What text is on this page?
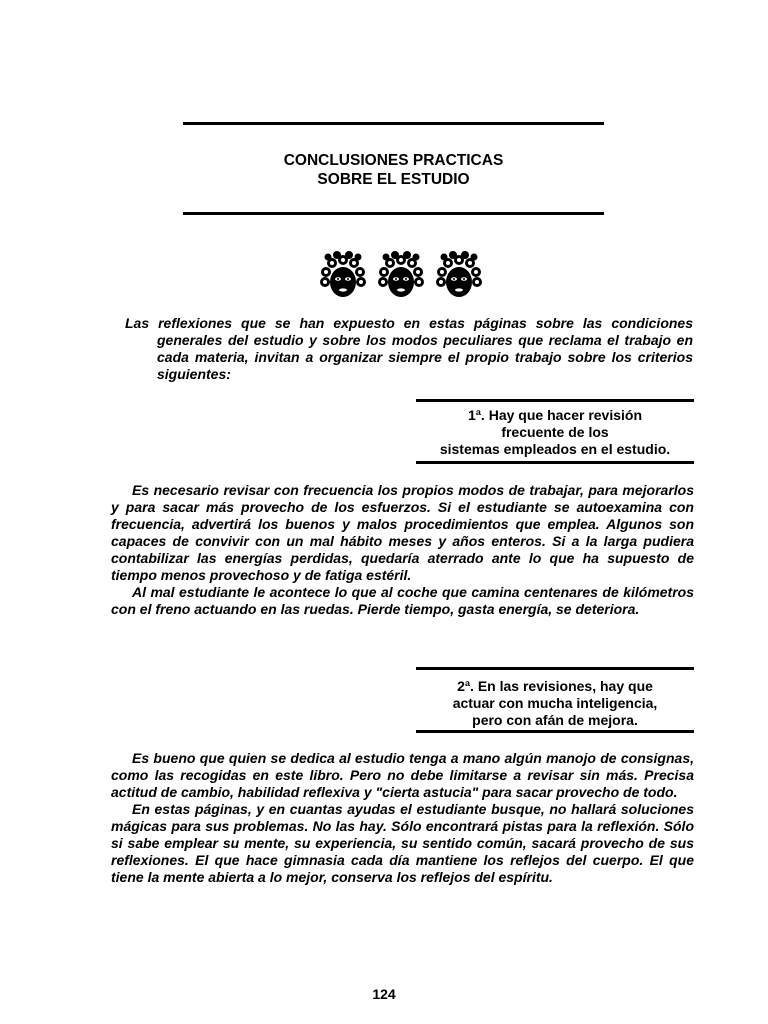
CONCLUSIONES PRACTICAS
SOBRE EL ESTUDIO
Las reflexiones que se han expuesto en estas páginas sobre las condiciones generales del estudio y sobre los modos peculiares que reclama el trabajo en cada materia, invitan a organizar siempre el propio trabajo sobre los criterios siguientes:
1ª. Hay que hacer revisión
frecuente de los
sistemas empleados en el estudio.

Es necesario revisar con frecuencia los propios modos de trabajar, para mejorarlos y para sacar más provecho de los esfuerzos. Si el estudiante se autoexamina con frecuencia, advertirá los buenos y malos procedimientos que emplea. Algunos son capaces de convivir con un mal hábito meses y años enteros. Si a la larga pudiera contabilizar las energías perdidas, quedaría aterrado ante lo que ha supuesto de tiempo menos provechoso y de fatiga estéril.

Al mal estudiante le acontece lo que al coche que camina centenares de kilómetros con el freno actuando en las ruedas. Pierde tiempo, gasta energía, se deteriora.

2ª. En las revisiones, hay que
actuar con mucha inteligencia,
pero con afán de mejora.

Es bueno que quien se dedica al estudio tenga a mano algún manojo de consignas, como las recogidas en este libro. Pero no debe limitarse a revisar sin más. Precisa actitud de cambio, habilidad reflexiva y "cierta astucia" para sacar provecho de todo.

En estas páginas, y en cuantas ayudas el estudiante busque, no hallará soluciones mágicas para sus problemas. No las hay. Sólo encontrará pistas para la reflexión. Sólo si sabe emplear su mente, su experiencia, su sentido común, sacará provecho de sus reflexiones. El que hace gimnasia cada día mantiene los reflejos del cuerpo. El que tiene la mente abierta a lo mejor, conserva los reflejos del espíritu.

124
